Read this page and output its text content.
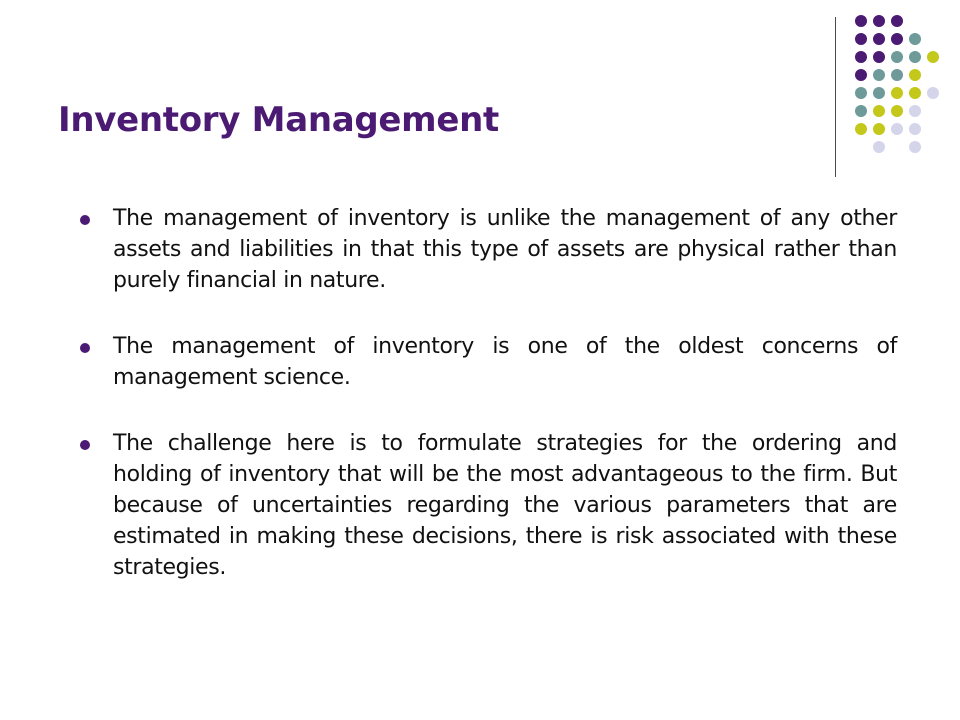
Inventory Management
The management of inventory is unlike the management of any other assets and liabilities in that this type of assets are physical rather than purely financial in nature.
The management of inventory is one of the oldest concerns of management science.
The challenge here is to formulate strategies for the ordering and holding of inventory that will be the most advantageous to the firm. But because of uncertainties regarding the various parameters that are estimated in making these decisions, there is risk associated with these strategies.
